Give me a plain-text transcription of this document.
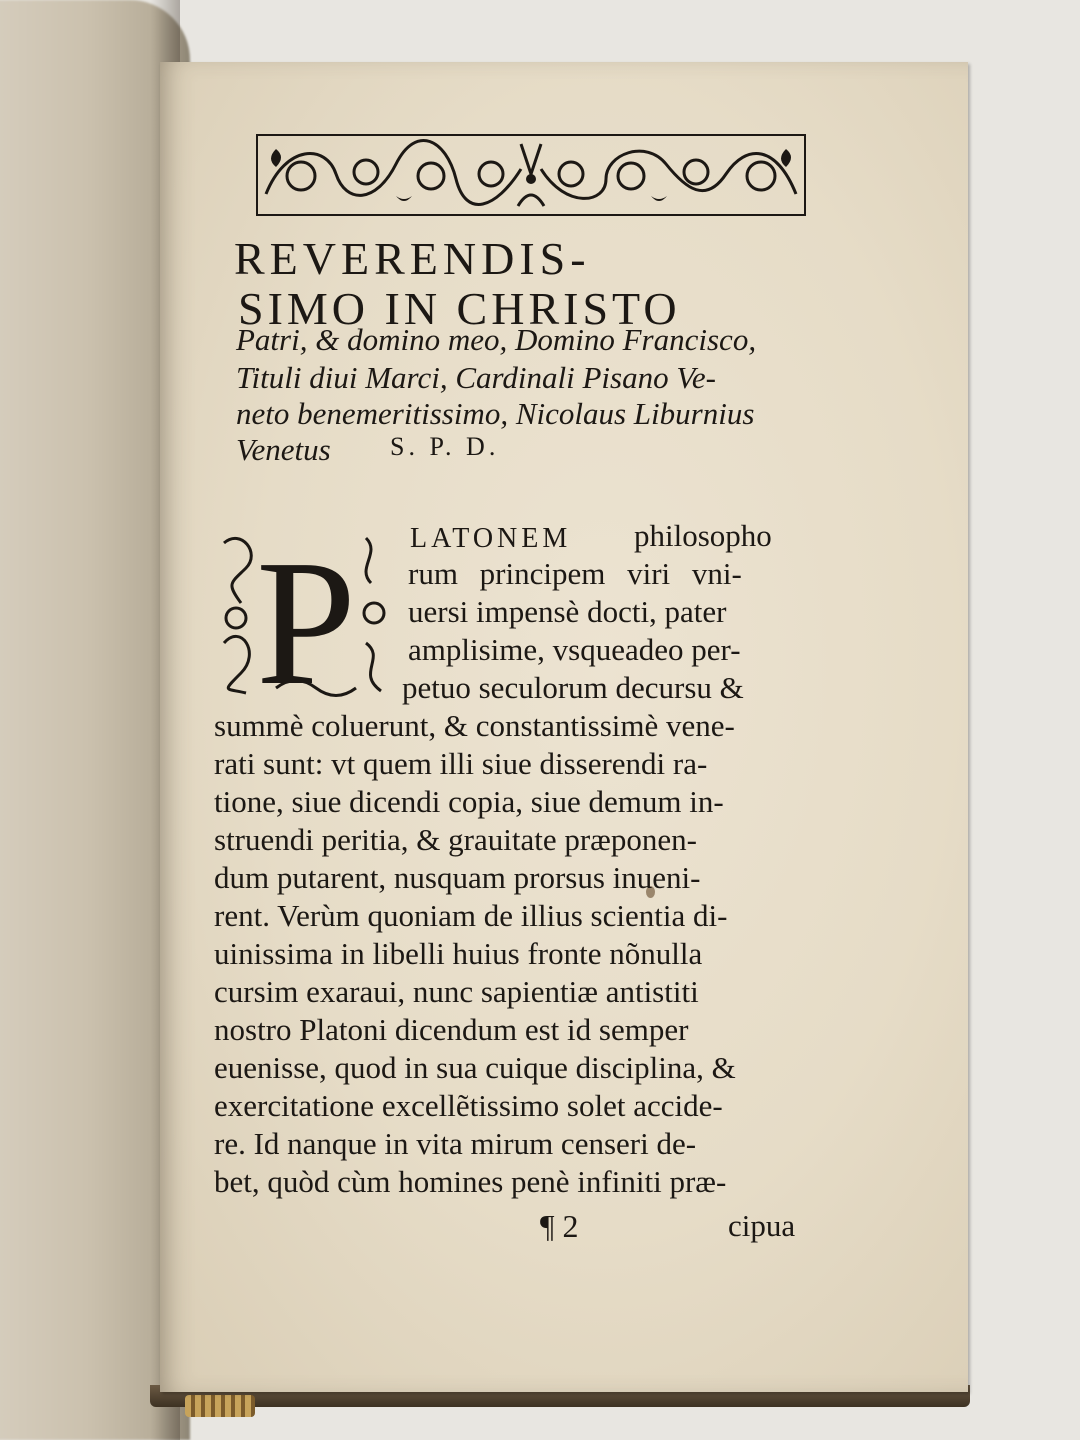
REVERENDIS-
SIMO IN CHRISTO
Patri, & domino meo, Domino Francisco,
Tituli diui Marci, Cardinali Pisano Ve-
neto benemeritissimo, Nicolaus Liburnius
Venetus S. P. D.
P LATONEM philosopho
rum principem viri vni-
uersi impensè docti, pater
amplisime, vsqueadeo per-
petuo seculorum decursu &
summè coluerunt, & constantissimè vene-
rati sunt: vt quem illi siue disserendi ra-
tione, siue dicendi copia, siue demum in-
struendi peritia, & grauitate præponen-
dum putarent, nusquam prorsus inueni-
rent. Verùm quoniam de illius scientia di-
uinissima in libelli huius fronte nõnulla
cursim exaraui, nunc sapientiæ antistiti
nostro Platoni dicendum est id semper
euenisse, quod in sua cuique disciplina, &
exercitatione excellẽtissimo solet accide-
re. Id nanque in vita mirum censeri de-
bet, quòd cùm homines penè infiniti præ-
¶ 2	cipua
